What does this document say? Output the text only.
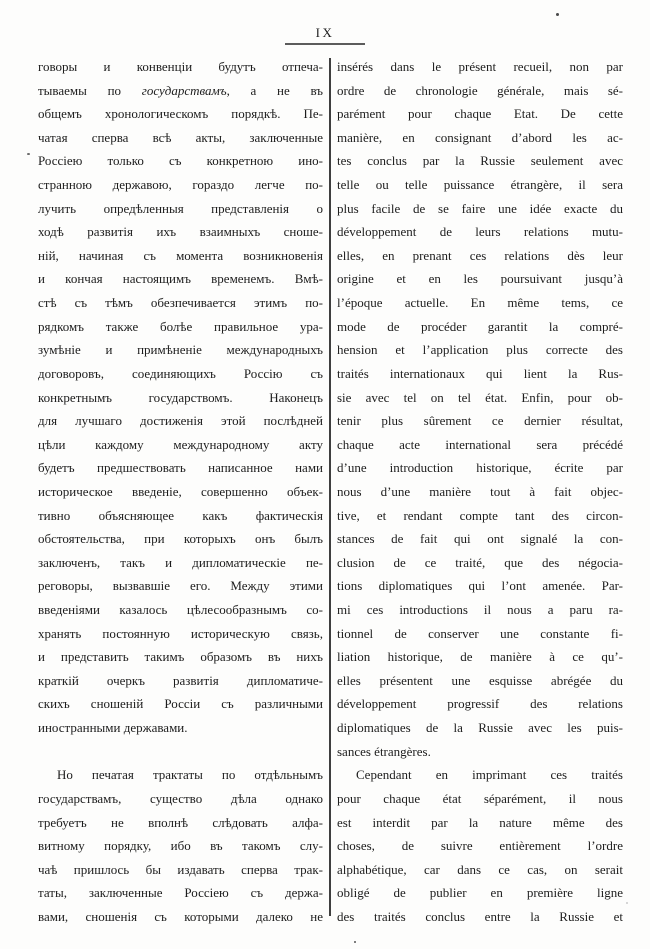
IX
говоры и конвенціи будутъ отпеча-
тываемы по государствамъ, а не въ
общемъ хронологическомъ порядкѣ. Пе-
чатая сперва всѣ акты, заключенные
Россіею только съ конкретною ино-
странною державою, гораздо легче по-
лучить опредѣленныя представленія о
ходѣ развитія ихъ взаимныхъ сноше-
ній, начиная съ момента возникновенія
и кончая настоящимъ временемъ. Вмѣ-
стѣ съ тѣмъ обезпечивается этимъ по-
рядкомъ также болѣе правильное ура-
зумѣніе и примѣненіе международныхъ
договоровъ, соединяющихъ Россію съ
конкретнымъ государствомъ. Наконецъ
для лучшаго достиженія этой послѣдней
цѣли каждому международному акту
будетъ предшествовать написанное нами
историческое введеніе, совершенно объек-
тивно объясняющее какъ фактическія
обстоятельства, при которыхъ онъ былъ
заключенъ, такъ и дипломатическіе пе-
реговоры, вызвавшіе его. Между этими
введеніями казалось цѣлесообразнымъ со-
хранять постоянную историческую связь,
и представить такимъ образомъ въ нихъ
краткій очеркъ развитія дипломатиче-
скихъ сношеній Россіи съ различными
иностранными державами.
Но печатая трактаты по отдѣльнымъ
государствамъ, существо дѣла однако
требуетъ не вполнѣ слѣдовать алфа-
витному порядку, ибо въ такомъ слу-
чаѣ пришлось бы издавать сперва трак-
таты, заключенные Россіею съ держа-
вами, сношенія съ которыми далеко не
insérés dans le présent recueil, non par
ordre de chronologie générale, mais sé-
parément pour chaque Etat. De cette
manière, en consignant d’abord les ac-
tes conclus par la Russie seulement avec
telle ou telle puissance étrangère, il sera
plus facile de se faire une idée exacte du
développement de leurs relations mutu-
elles, en prenant ces relations dès leur
origine et en les poursuivant jusqu’à
l’époque actuelle. En même tems, ce
mode de procéder garantit la compré-
hension et l’application plus correcte des
traités internationaux qui lient la Rus-
sie avec tel on tel état. Enfin, pour ob-
tenir plus sûrement ce dernier résultat,
chaque acte international sera précédé
d’une introduction historique, écrite par
nous d’une manière tout à fait objec-
tive, et rendant compte tant des circon-
stances de fait qui ont signalé la con-
clusion de ce traité, que des négocia-
tions diplomatiques qui l’ont amenée. Par-
mi ces introductions il nous a paru ra-
tionnel de conserver une constante fi-
liation historique, de manière à ce qu’-
elles présentent une esquisse abrégée du
développement progressif des relations
diplomatiques de la Russie avec les puis-
sances étrangères.
Cependant en imprimant ces traités
pour chaque état séparément, il nous
est interdit par la nature même des
choses, de suivre entièrement l’ordre
alphabétique, car dans ce cas, on serait
obligé de publier en première ligne
des traités conclus entre la Russie et
